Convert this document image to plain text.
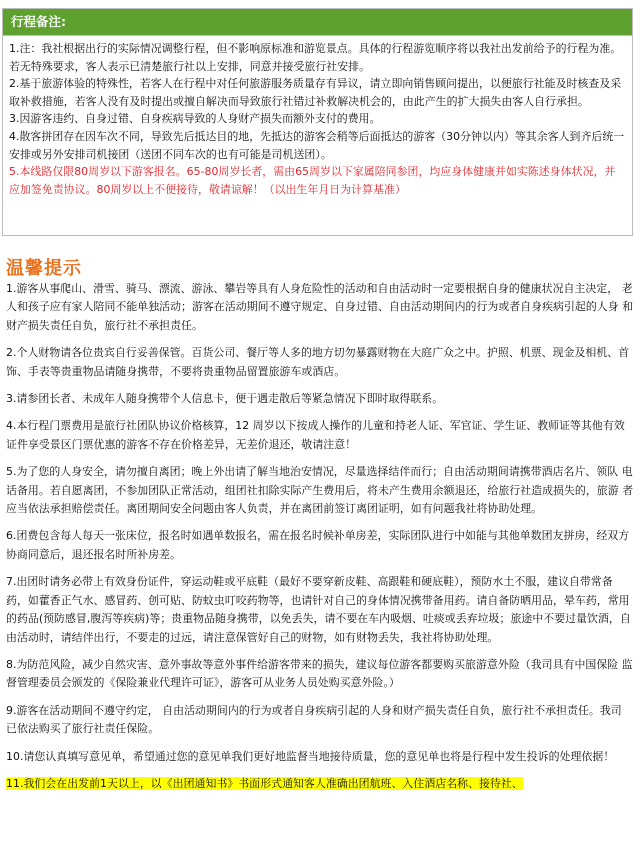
行程备注:

1.注：我社根据出行的实际情况调整行程，但不影响原标准和游览景点。具体的行程游览顺序将以我社出发前给予的行程为准。若无特殊要求，客人表示已清楚旅行社以上安排，同意并接受旅行社安排。

2.基于旅游体验的特殊性，若客人在行程中对任何旅游服务质量存有异议，请立即向销售顾问提出，以便旅行社能及时核查及采取补救措施，若客人没有及时提出或擅自解决而导致旅行社错过补救解决机会的，由此产生的扩大损失由客人自行承担。

3.因游客违约、自身过错、自身疾病导致的人身财产损失而额外支付的费用。

4.散客拼团存在因车次不同，导致先后抵达目的地，先抵达的游客会稍等后面抵达的游客（30分钟以内）等其余客人到齐后统一安排或另外安排司机接团（送团不同车次的也有可能是司机送团）。

5.本线路仅限80周岁以下游客报名。65-80周岁长者，需由65周岁以下家属陪同参团，均应身体健康并如实陈述身体状况，并应加签免责协议。80周岁以上不便接待，敬请谅解！（以出生年月日为计算基准）

温馨提示

1.游客从事爬山、滑雪、骑马、漂流、游泳、攀岩等具有人身危险性的活动和自由活动时一定要根据自身的健康状况自主决定， 老人和孩子应有家人陪同不能单独活动；游客在活动期间不遵守规定、自身过错、自由活动期间内的行为或者自身疾病引起的人身 和财产损失责任自负，旅行社不承担责任。

2.个人财物请各位贵宾自行妥善保管。百货公司、餐厅等人多的地方切勿暴露财物在大庭广众之中。护照、机票、现金及相机、首 饰、手表等贵重物品请随身携带，不要将贵重物品留置旅游车或酒店。

3.请参团长者、未成年人随身携带个人信息卡，便于遇走散后等紧急情况下即时取得联系。

4.本行程门票费用是旅行社团队协议价格核算，12 周岁以下按成人操作的儿童和持老人证、军官证、学生证、教师证等其他有效 证件享受景区门票优惠的游客不存在价格差异，无差价退还，敬请注意！

5.为了您的人身安全，请勿擅自离团；晚上外出请了解当地治安情况，尽量选择结伴而行；自由活动期间请携带酒店名片、领队 电话备用。若自愿离团，不参加团队正常活动，组团社扣除实际产生费用后，将未产生费用余额退还，给旅行社造成损失的，旅游 者应当依法承担赔偿责任。离团期间安全问题由客人负责，并在离团前签订离团证明，如有问题我社将协助处理。

6.团费包含每人每天一张床位，报名时如遇单数报名，需在报名时候补单房差，实际团队进行中如能与其他单数团友拼房，经双方协商同意后，退还报名时所补房差。

7.出团时请务必带上有效身份证件，穿运动鞋或平底鞋（最好不要穿新皮鞋、高跟鞋和硬底鞋），预防水土不服，建议自带常备 药，如藿香正气水、感冒药、创可贴、防蚊虫叮咬药物等，也请针对自己的身体情况携带备用药。请自备防晒用品，晕车药，常用 的药品(预防感冒,腹泻等疾病)等；贵重物品随身携带，以免丢失，请不要在车内吸烟、吐痰或丢弃垃圾；旅途中不要过量饮酒，自由活动时，请结伴出行，不要走的过远，请注意保管好自己的财物，如有财物丢失，我社将协助处理。

8.为防范风险，减少自然灾害、意外事故等意外事件给游客带来的损失，建议每位游客都要购买旅游意外险（我司具有中国保险 监督管理委员会颁发的《保险兼业代理许可证》，游客可从业务人员处购买意外险。）

9.游客在活动期间不遵守约定， 自由活动期间内的行为或者自身疾病引起的人身和财产损失责任自负，旅行社不承担责任。我司 已依法购买了旅行社责任保险。

10.请您认真填写意见单，希望通过您的意见单我们更好地监督当地接待质量，您的意见单也将是行程中发生投诉的处理依据！

11.我们会在出发前1天以上，以《出团通知书》书面形式通知客人准确出团航班、入住酒店名称、接待社、
